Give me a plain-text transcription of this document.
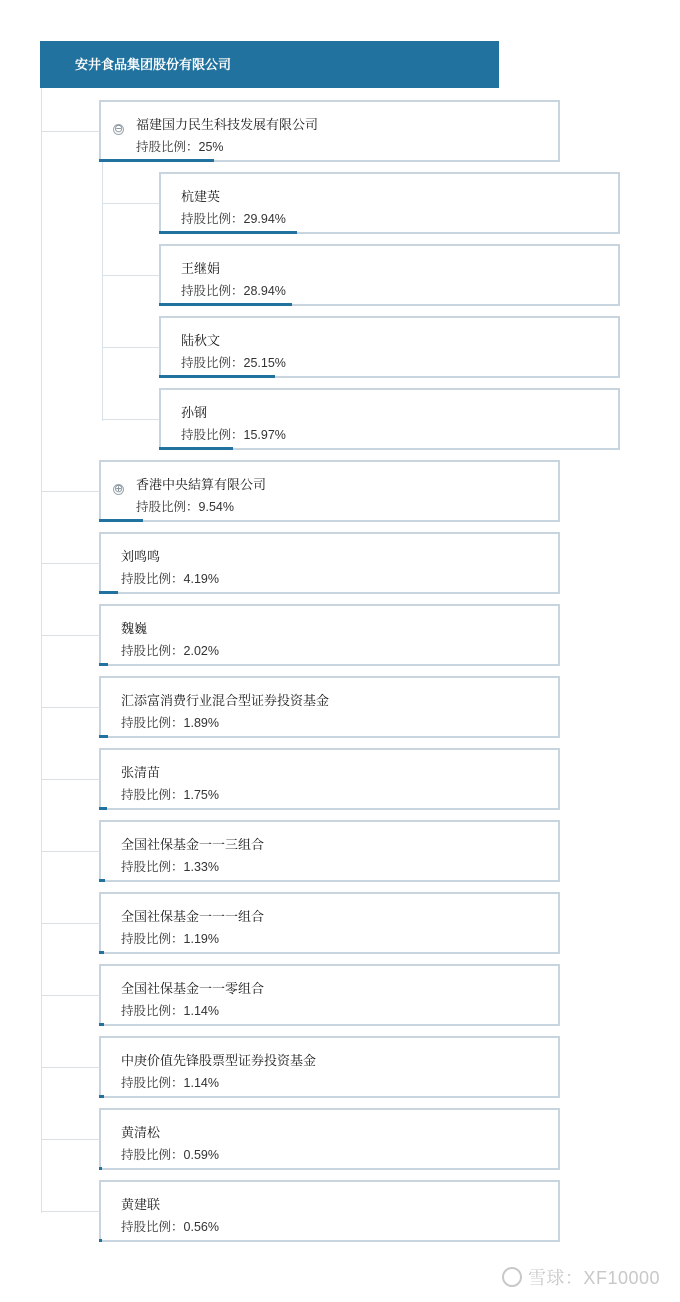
安井食品集团股份有限公司
⊖ 福建国力民生科技发展有限公司
持股比例：25%
杭建英
持股比例：29.94%
王继娟
持股比例：28.94%
陆秋文
持股比例：25.15%
孙钢
持股比例：15.97%
⊕ 香港中央結算有限公司
持股比例：9.54%
刘鸣鸣
持股比例：4.19%
魏巍
持股比例：2.02%
汇添富消费行业混合型证券投资基金
持股比例：1.89%
张清苗
持股比例：1.75%
全国社保基金一一三组合
持股比例：1.33%
全国社保基金一一一组合
持股比例：1.19%
全国社保基金一一零组合
持股比例：1.14%
中庚价值先锋股票型证券投资基金
持股比例：1.14%
黄清松
持股比例：0.59%
黄建联
持股比例：0.56%
雪球：XF10000
